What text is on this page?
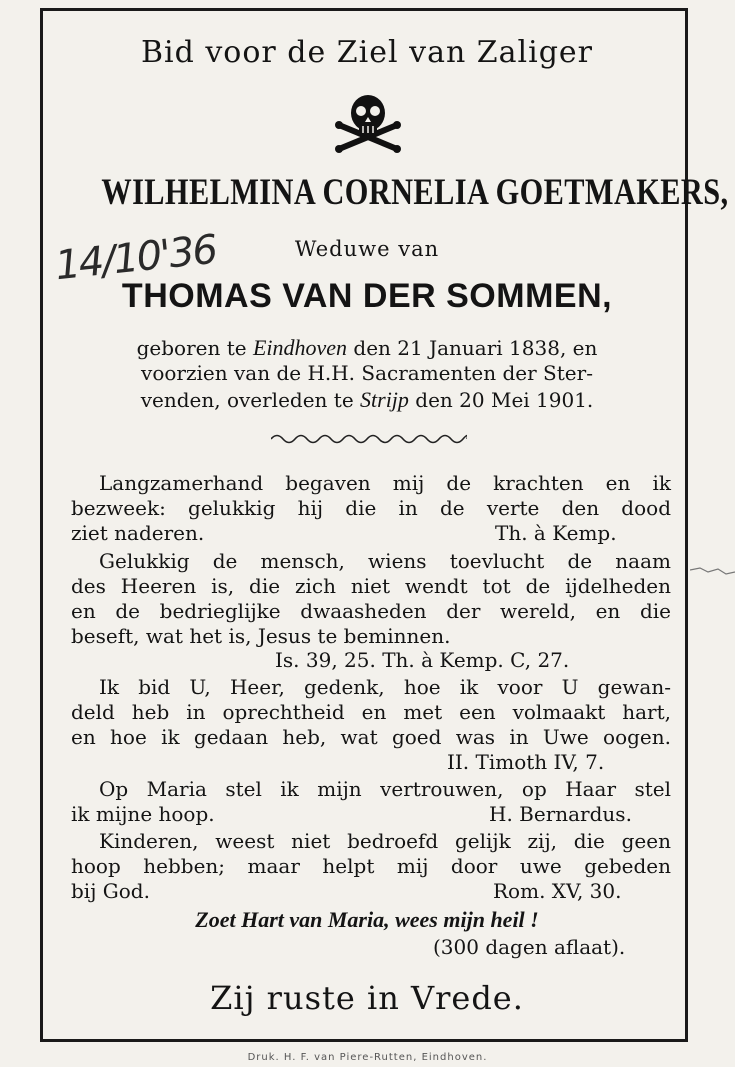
Bid voor de Ziel van Zaliger

WILHELMINA CORNELIA GOETMAKERS,

14/10'36	Weduwe van

THOMAS VAN DER SOMMEN,

geboren te Eindhoven den 21 Januari 1838, en

voorzien van de H.H. Sacramenten der Ster-

venden, overleden te Strijp den 20 Mei 1901.

Langzamerhand begaven mij de krachten en ik

bezweek: gelukkig hij die in de verte den dood

ziet naderen.	Th. à Kemp.

Gelukkig de mensch, wiens toevlucht de naam

des Heeren is, die zich niet wendt tot de ijdelheden

en de bedrieglijke dwaasheden der wereld, en die

beseft, wat het is, Jesus te beminnen.

Is. 39, 25. Th. à Kemp. C, 27.

Ik bid U, Heer, gedenk, hoe ik voor U gewan-

deld heb in oprechtheid en met een volmaakt hart,

en hoe ik gedaan heb, wat goed was in Uwe oogen.

II. Timoth IV, 7.

Op Maria stel ik mijn vertrouwen, op Haar stel

ik mijne hoop.	H. Bernardus.

Kinderen, weest niet bedroefd gelijk zij, die geen

hoop hebben; maar helpt mij door uwe gebeden

bij God.	Rom. XV, 30.

Zoet Hart van Maria, wees mijn heil !

(300 dagen aflaat).

Zij ruste in Vrede.

Druk. H. F. van Piere-Rutten, Eindhoven.
